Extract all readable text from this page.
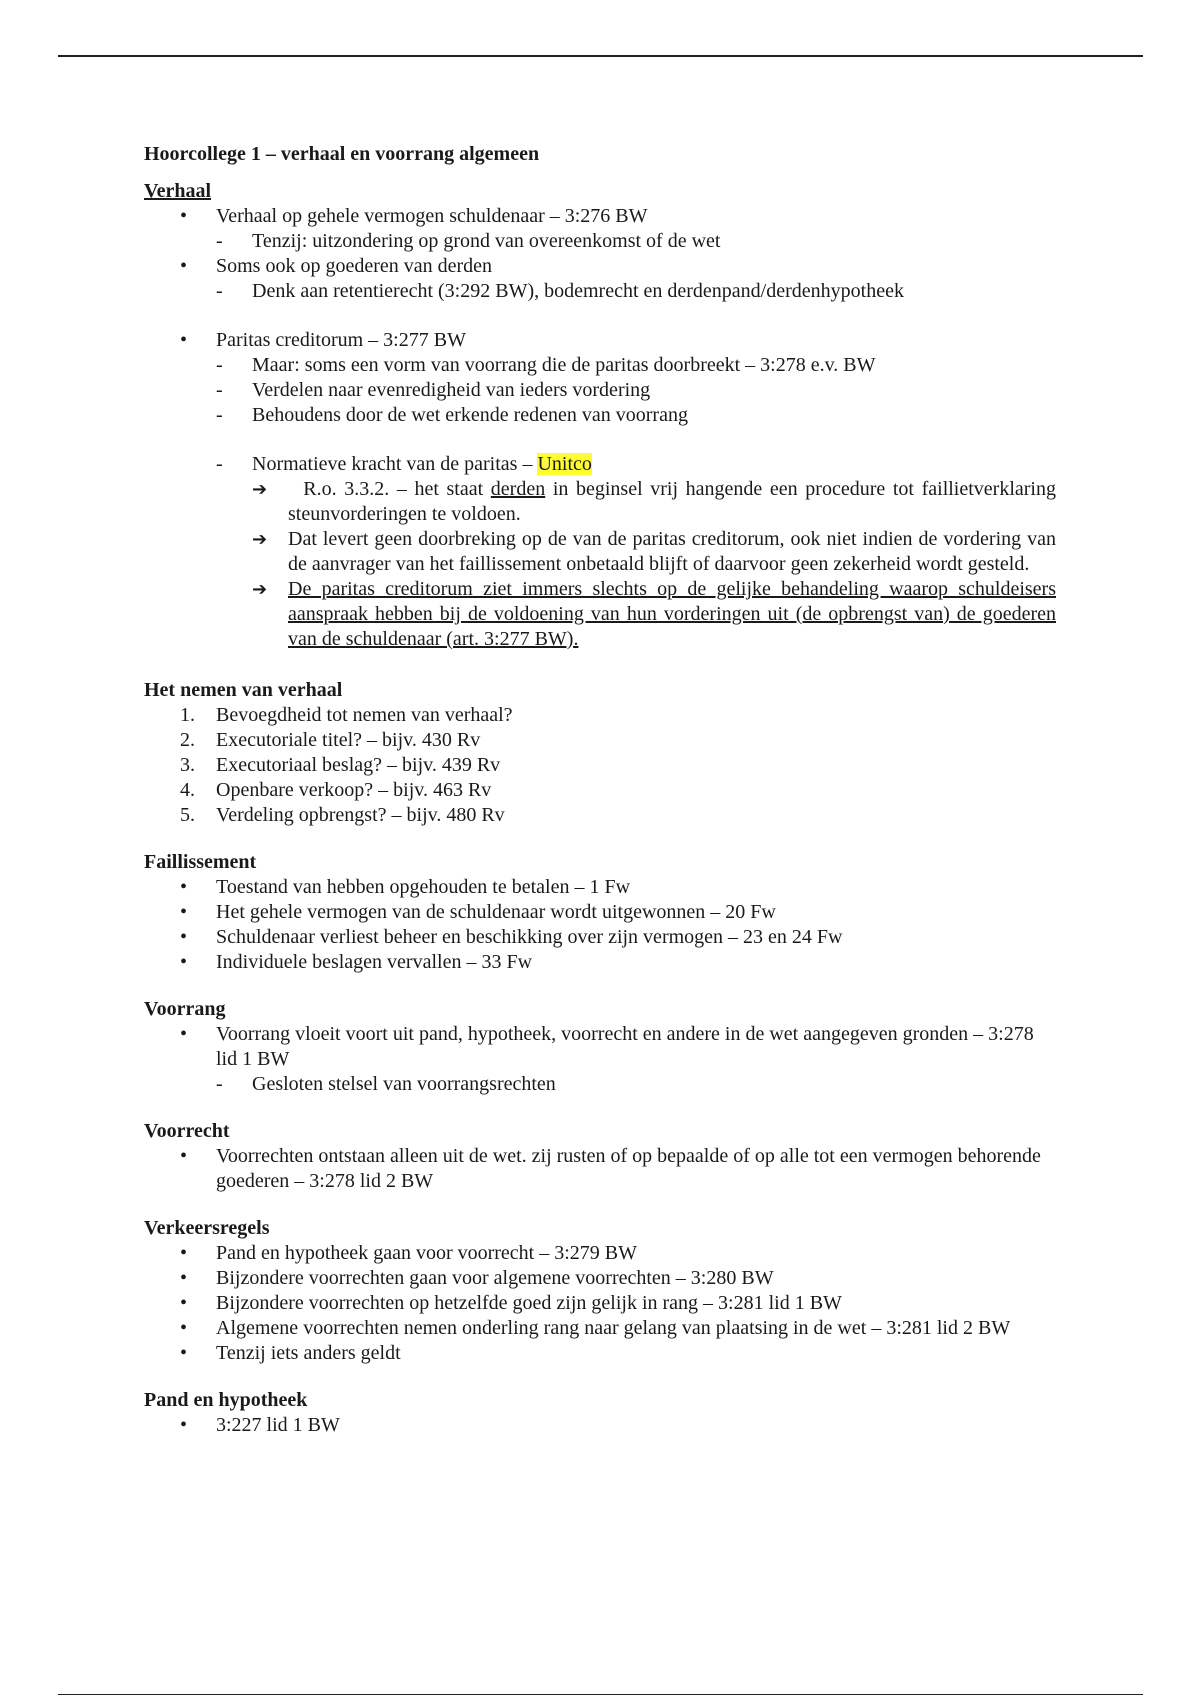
Hoorcollege 1 – verhaal en voorrang algemeen

Verhaal

• Verhaal op gehele vermogen schuldenaar – 3:276 BW
- Tenzij: uitzondering op grond van overeenkomst of de wet
• Soms ook op goederen van derden
- Denk aan retentierecht (3:292 BW), bodemrecht en derdenpand/derdenhypotheek
• Paritas creditorum – 3:277 BW
- Maar: soms een vorm van voorrang die de paritas doorbreekt – 3:278 e.v. BW
- Verdelen naar evenredigheid van ieders vordering
- Behoudens door de wet erkende redenen van voorrang
- Normatieve kracht van de paritas – Unitco
➔ R.o. 3.3.2. – het staat derden in beginsel vrij hangende een procedure tot faillietverklaring steunvorderingen te voldoen.
➔ Dat levert geen doorbreking op de van de paritas creditorum, ook niet indien de vordering van de aanvrager van het faillissement onbetaald blijft of daarvoor geen zekerheid wordt gesteld.
➔ De paritas creditorum ziet immers slechts op de gelijke behandeling waarop schuldeisers aanspraak hebben bij de voldoening van hun vorderingen uit (de opbrengst van) de goederen van de schuldenaar (art. 3:277 BW).

Het nemen van verhaal

1. Bevoegdheid tot nemen van verhaal?
2. Executoriale titel? – bijv. 430 Rv
3. Executoriaal beslag? – bijv. 439 Rv
4. Openbare verkoop? – bijv. 463 Rv
5. Verdeling opbrengst? – bijv. 480 Rv

Faillissement

• Toestand van hebben opgehouden te betalen – 1 Fw
• Het gehele vermogen van de schuldenaar wordt uitgewonnen – 20 Fw
• Schuldenaar verliest beheer en beschikking over zijn vermogen – 23 en 24 Fw
• Individuele beslagen vervallen – 33 Fw

Voorrang

• Voorrang vloeit voort uit pand, hypotheek, voorrecht en andere in de wet aangegeven gronden – 3:278 lid 1 BW
- Gesloten stelsel van voorrangsrechten

Voorrecht

• Voorrechten ontstaan alleen uit de wet. zij rusten of op bepaalde of op alle tot een vermogen behorende goederen – 3:278 lid 2 BW

Verkeersregels

• Pand en hypotheek gaan voor voorrecht – 3:279 BW
• Bijzondere voorrechten gaan voor algemene voorrechten – 3:280 BW
• Bijzondere voorrechten op hetzelfde goed zijn gelijk in rang – 3:281 lid 1 BW
• Algemene voorrechten nemen onderling rang naar gelang van plaatsing in de wet – 3:281 lid 2 BW
• Tenzij iets anders geldt

Pand en hypotheek

• 3:227 lid 1 BW
